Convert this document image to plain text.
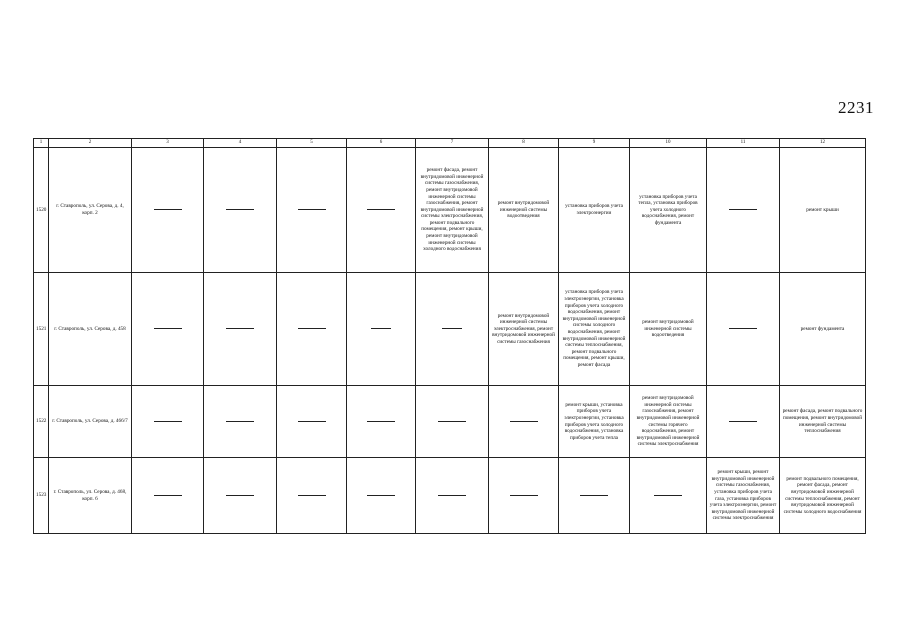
2231
1	2	3	4	5	6	7	8	9	10	11	12
1520	г. Ставрополь, ул. Серова, д. 4, корп. 2					ремонт фасада, ремонт внутридомовой инженерной системы газоснабжения, ремонт внутридомовой инженерной системы газоснабжения, ремонт внутридомовой инженерной системы электроснабжения, ремонт подвального помещения, ремонт крыши, ремонт внутридомовой инженерной системы холодного водоснабжения	ремонт внутридомовой инженерной системы водоотведения	установка приборов учета электроэнергии	установка приборов учета тепла, установка приборов учета холодного водоснабжения, ремонт фундамента		ремонт крыши
1521	г. Ставрополь, ул. Серова, д. 458						ремонт внутридомовой инженерной системы электроснабжения, ремонт внутридомовой инженерной системы газоснабжения	установка приборов учета электроэнергии, установка приборов учета холодного водоснабжения, ремонт внутридомовой инженерной системы холодного водоснабжения, ремонт внутридомовой инженерной системы теплоснабжения, ремонт подвального помещения, ремонт крыши, ремонт фасада	ремонт внутридомовой инженерной системы водоотведения		ремонт фундамента
1522	г. Ставрополь, ул. Серова, д. 466/7							ремонт крыши, установка приборов учета электроэнергии, установка приборов учета холодного водоснабжения, установка приборов учета тепла	ремонт внутридомовой инженерной системы газоснабжения, ремонт внутридомовой инженерной системы горячего водоснабжения, ремонт внутридомовой инженерной системы электроснабжения		ремонт фасада, ремонт подвального помещения, ремонт внутридомовой инженерной системы теплоснабжения
1523	г. Ставрополь, ул. Серова, д. 468, корп. 6									ремонт крыши, ремонт внутридомовой инженерной системы газоснабжения, установка приборов учета газа, установка приборов учета электроэнергии, ремонт внутридомовой инженерной системы электроснабжения	ремонт подвального помещения, ремонт фасада, ремонт внутридомовой инженерной системы теплоснабжения, ремонт внутридомовой инженерной системы холодного водоснабжения
